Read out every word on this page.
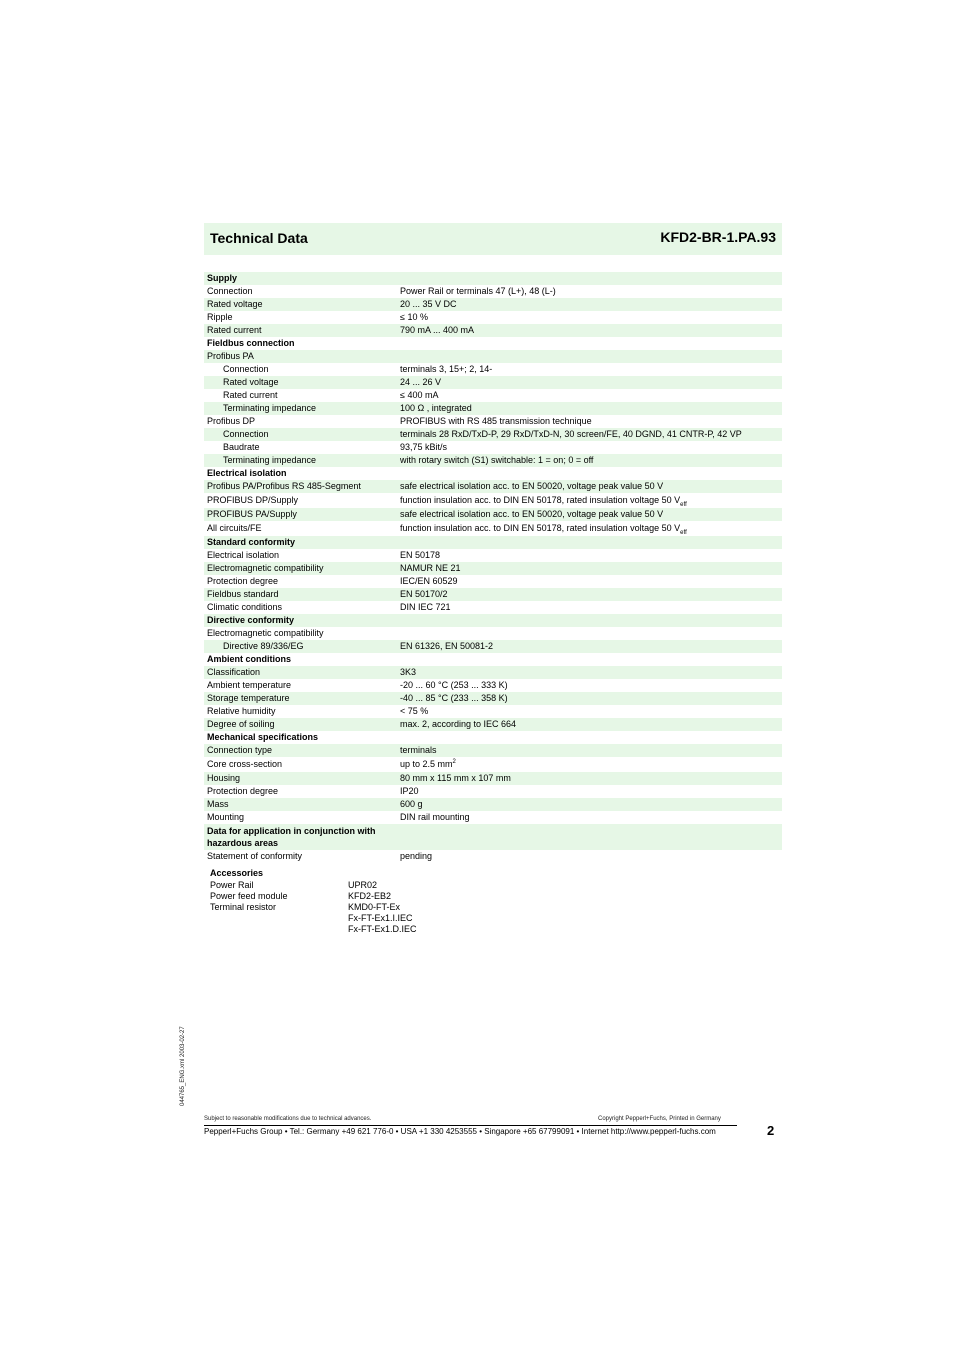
Technical Data	KFD2-BR-1.PA.93
Supply
Connection	Power Rail or terminals 47 (L+), 48 (L-)
Rated voltage	20 ... 35 V DC
Ripple	≤ 10 %
Rated current	790 mA ... 400 mA
Fieldbus connection
Profibus PA
Connection	terminals 3, 15+; 2, 14-
Rated voltage	24 ... 26 V
Rated current	≤ 400 mA
Terminating impedance	100 Ω , integrated
Profibus DP	PROFIBUS with RS 485 transmission technique
Connection	terminals 28 RxD/TxD-P, 29 RxD/TxD-N, 30 screen/FE, 40 DGND, 41 CNTR-P, 42 VP
Baudrate	93,75 kBit/s
Terminating impedance	with rotary switch (S1) switchable: 1 = on; 0 = off
Electrical isolation
Profibus PA/Profibus RS 485-Segment	safe electrical isolation acc. to EN 50020, voltage peak value 50 V
PROFIBUS DP/Supply	function insulation acc. to DIN EN 50178, rated insulation voltage 50 $V_{eff}$
PROFIBUS PA/Supply	safe electrical isolation acc. to EN 50020, voltage peak value 50 V
All circuits/FE	function insulation acc. to DIN EN 50178, rated insulation voltage 50 $V_{eff}$
Standard conformity
Electrical isolation	EN 50178
Electromagnetic compatibility	NAMUR NE 21
Protection degree	IEC/EN 60529
Fieldbus standard	EN 50170/2
Climatic conditions	DIN IEC 721
Directive conformity
Electromagnetic compatibility
Directive 89/336/EG	EN 61326, EN 50081-2
Ambient conditions
Classification	3K3
Ambient temperature	-20 ... 60 °C (253 ... 333 K)
Storage temperature	-40 ... 85 °C (233 ... 358 K)
Relative humidity	< 75 %
Degree of soiling	max. 2, according to IEC 664
Mechanical specifications
Connection type	terminals
Core cross-section	up to 2.5 $mm^2$
Housing	80 mm x 115 mm x 107 mm
Protection degree	IP20
Mass	600 g
Mounting	DIN rail mounting
Data for application in conjunction with hazardous areas
Statement of conformity	pending
Accessories
Power Rail	UPR02
Power feed module	KFD2-EB2
Terminal resistor	KMD0-FT-Ex
Fx-FT-Ex1.I.IEC
Fx-FT-Ex1.D.IEC
044765_ENG.xml 2003-02-27
Subject to reasonable modifications due to technical advances.	Copyright Pepperl+Fuchs, Printed in Germany
Pepperl+Fuchs Group • Tel.: Germany +49 621 776-0 • USA +1 330 4253555 • Singapore +65 67799091 • Internet http://www.pepperl-fuchs.com	2
